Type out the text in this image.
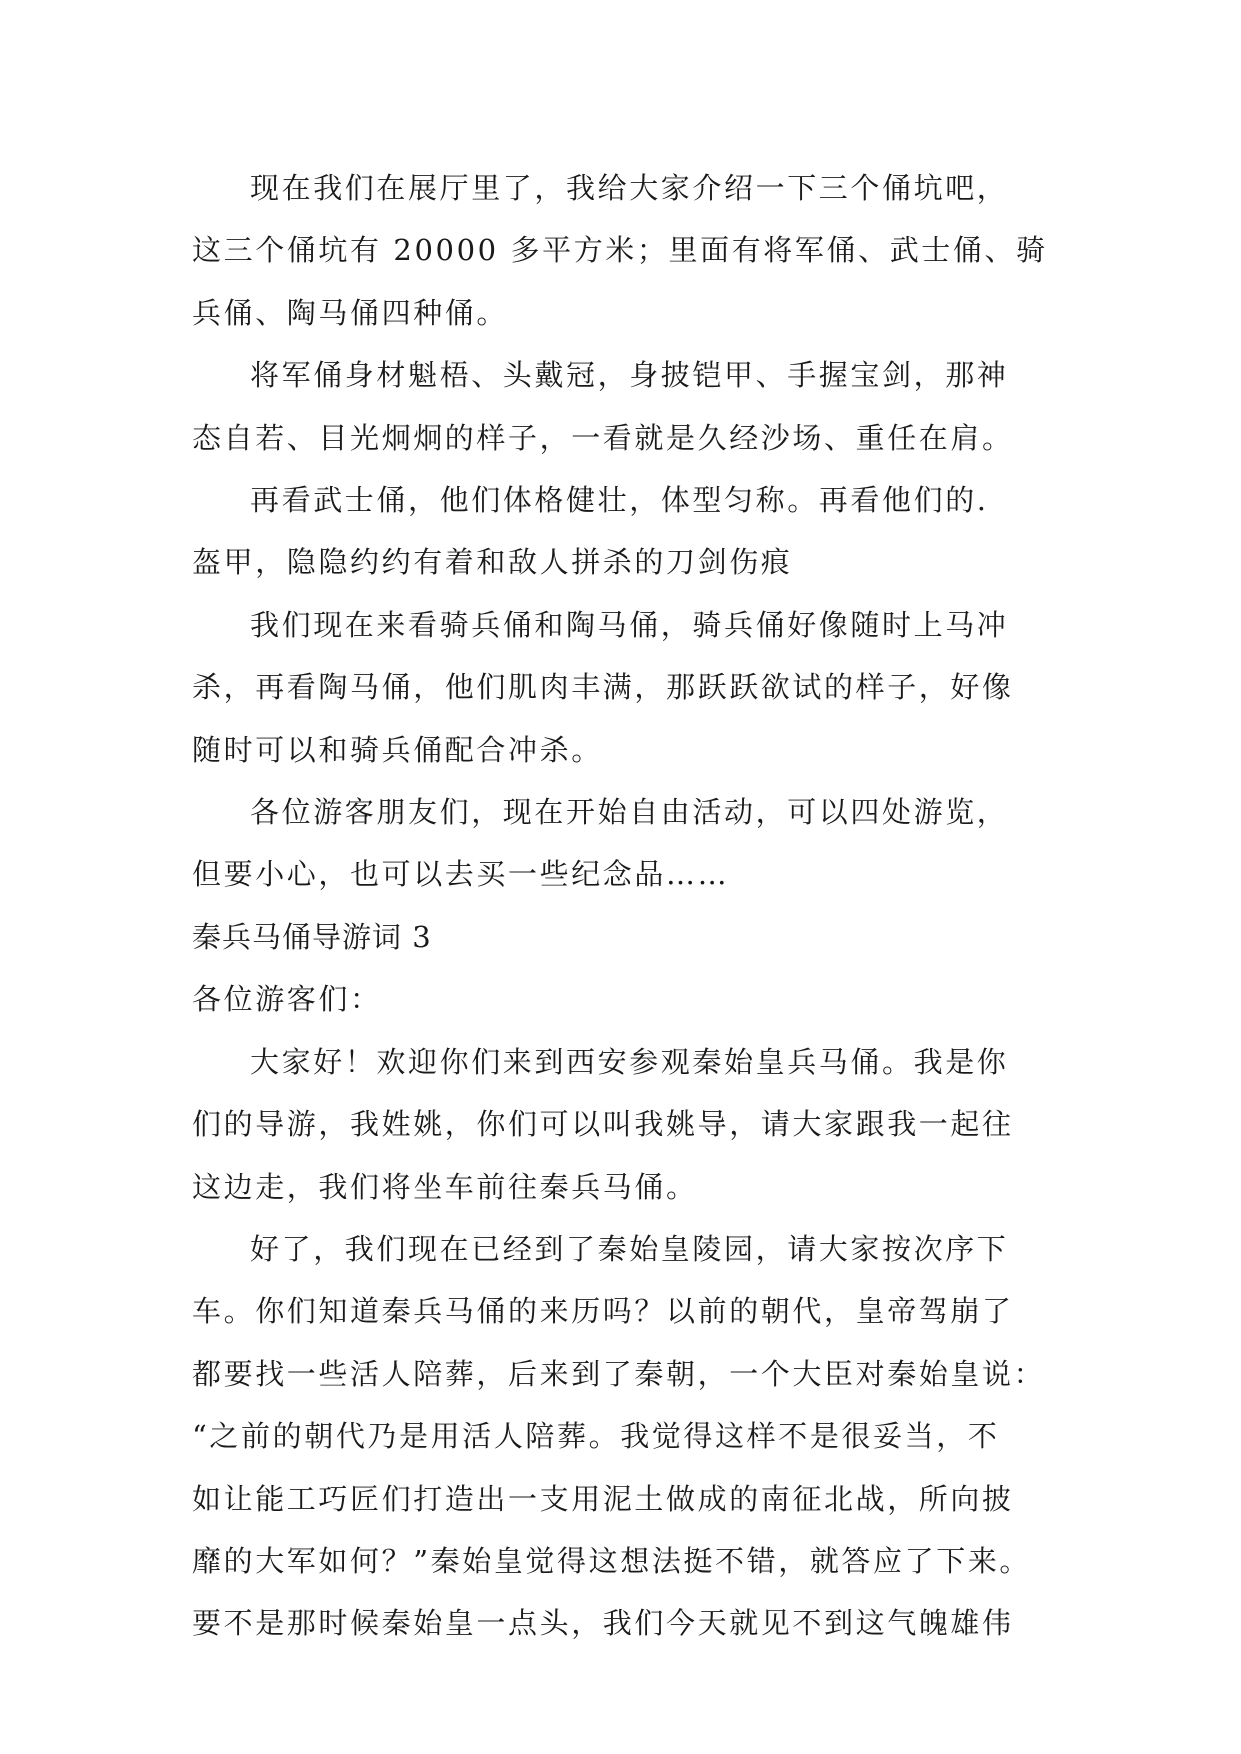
现在我们在展厅里了，我给大家介绍一下三个俑坑吧，
这三个俑坑有 20000 多平方米；里面有将军俑、武士俑、骑
兵俑、陶马俑四种俑。

将军俑身材魁梧、头戴冠，身披铠甲、手握宝剑，那神
态自若、目光炯炯的样子，一看就是久经沙场、重任在肩。

再看武士俑，他们体格健壮，体型匀称。再看他们的.
盔甲，隐隐约约有着和敌人拼杀的刀剑伤痕

我们现在来看骑兵俑和陶马俑，骑兵俑好像随时上马冲
杀，再看陶马俑，他们肌肉丰满，那跃跃欲试的样子，好像
随时可以和骑兵俑配合冲杀。

各位游客朋友们，现在开始自由活动，可以四处游览，
但要小心，也可以去买一些纪念品……

秦兵马俑导游词 3

各位游客们：

大家好！欢迎你们来到西安参观秦始皇兵马俑。我是你
们的导游，我姓姚，你们可以叫我姚导，请大家跟我一起往
这边走，我们将坐车前往秦兵马俑。

好了，我们现在已经到了秦始皇陵园，请大家按次序下
车。你们知道秦兵马俑的来历吗？以前的朝代，皇帝驾崩了
都要找一些活人陪葬，后来到了秦朝，一个大臣对秦始皇说：
“之前的朝代乃是用活人陪葬。我觉得这样不是很妥当，不
如让能工巧匠们打造出一支用泥土做成的南征北战，所向披
靡的大军如何？”秦始皇觉得这想法挺不错，就答应了下来。
要不是那时候秦始皇一点头，我们今天就见不到这气魄雄伟
